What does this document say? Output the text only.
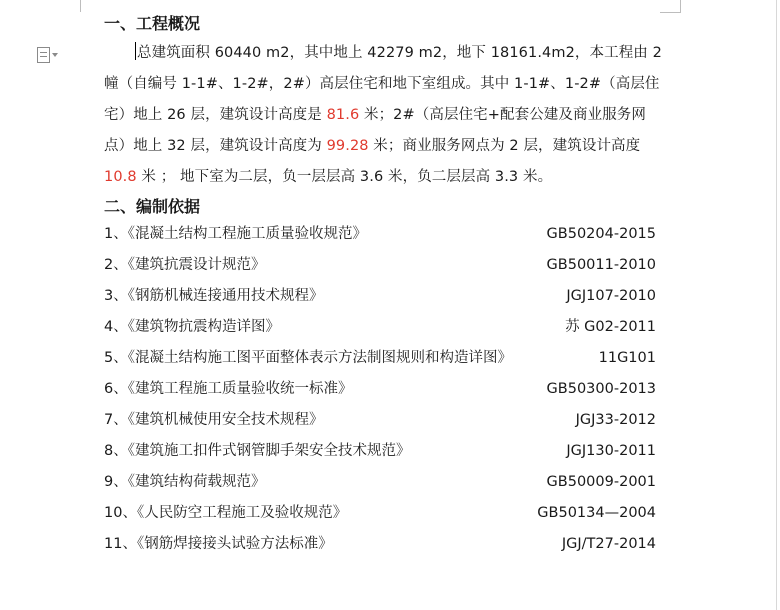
一、工程概况

总建筑面积 60440 m2，其中地上 42279 m2，地下 18161.4m2，本工程由 2 幢（自编号 1-1#、1-2#，2#）高层住宅和地下室组成。其中 1-1#、1-2#（高层住宅）地上 26 层，建筑设计高度是 81.6 米；2#（高层住宅+配套公建及商业服务网点）地上 32 层，建筑设计高度为 99.28 米；商业服务网点为 2 层，建筑设计高度 10.8 米 ； 地下室为二层，负一层层高 3.6 米，负二层层高 3.3 米。

二、编制依据
1、《混凝土结构工程施工质量验收规范》	GB50204-2015
2、《建筑抗震设计规范》	GB50011-2010
3、《钢筋机械连接通用技术规程》	JGJ107-2010
4、《建筑物抗震构造详图》	苏 G02-2011
5、《混凝土结构施工图平面整体表示方法制图规则和构造详图》	11G101
6、《建筑工程施工质量验收统一标准》	GB50300-2013
7、《建筑机械使用安全技术规程》	JGJ33-2012
8、《建筑施工扣件式钢管脚手架安全技术规范》	JGJ130-2011
9、《建筑结构荷载规范》	GB50009-2001
10、《人民防空工程施工及验收规范》	GB50134—2004
11、《钢筋焊接接头试验方法标准》	JGJ/T27-2014
